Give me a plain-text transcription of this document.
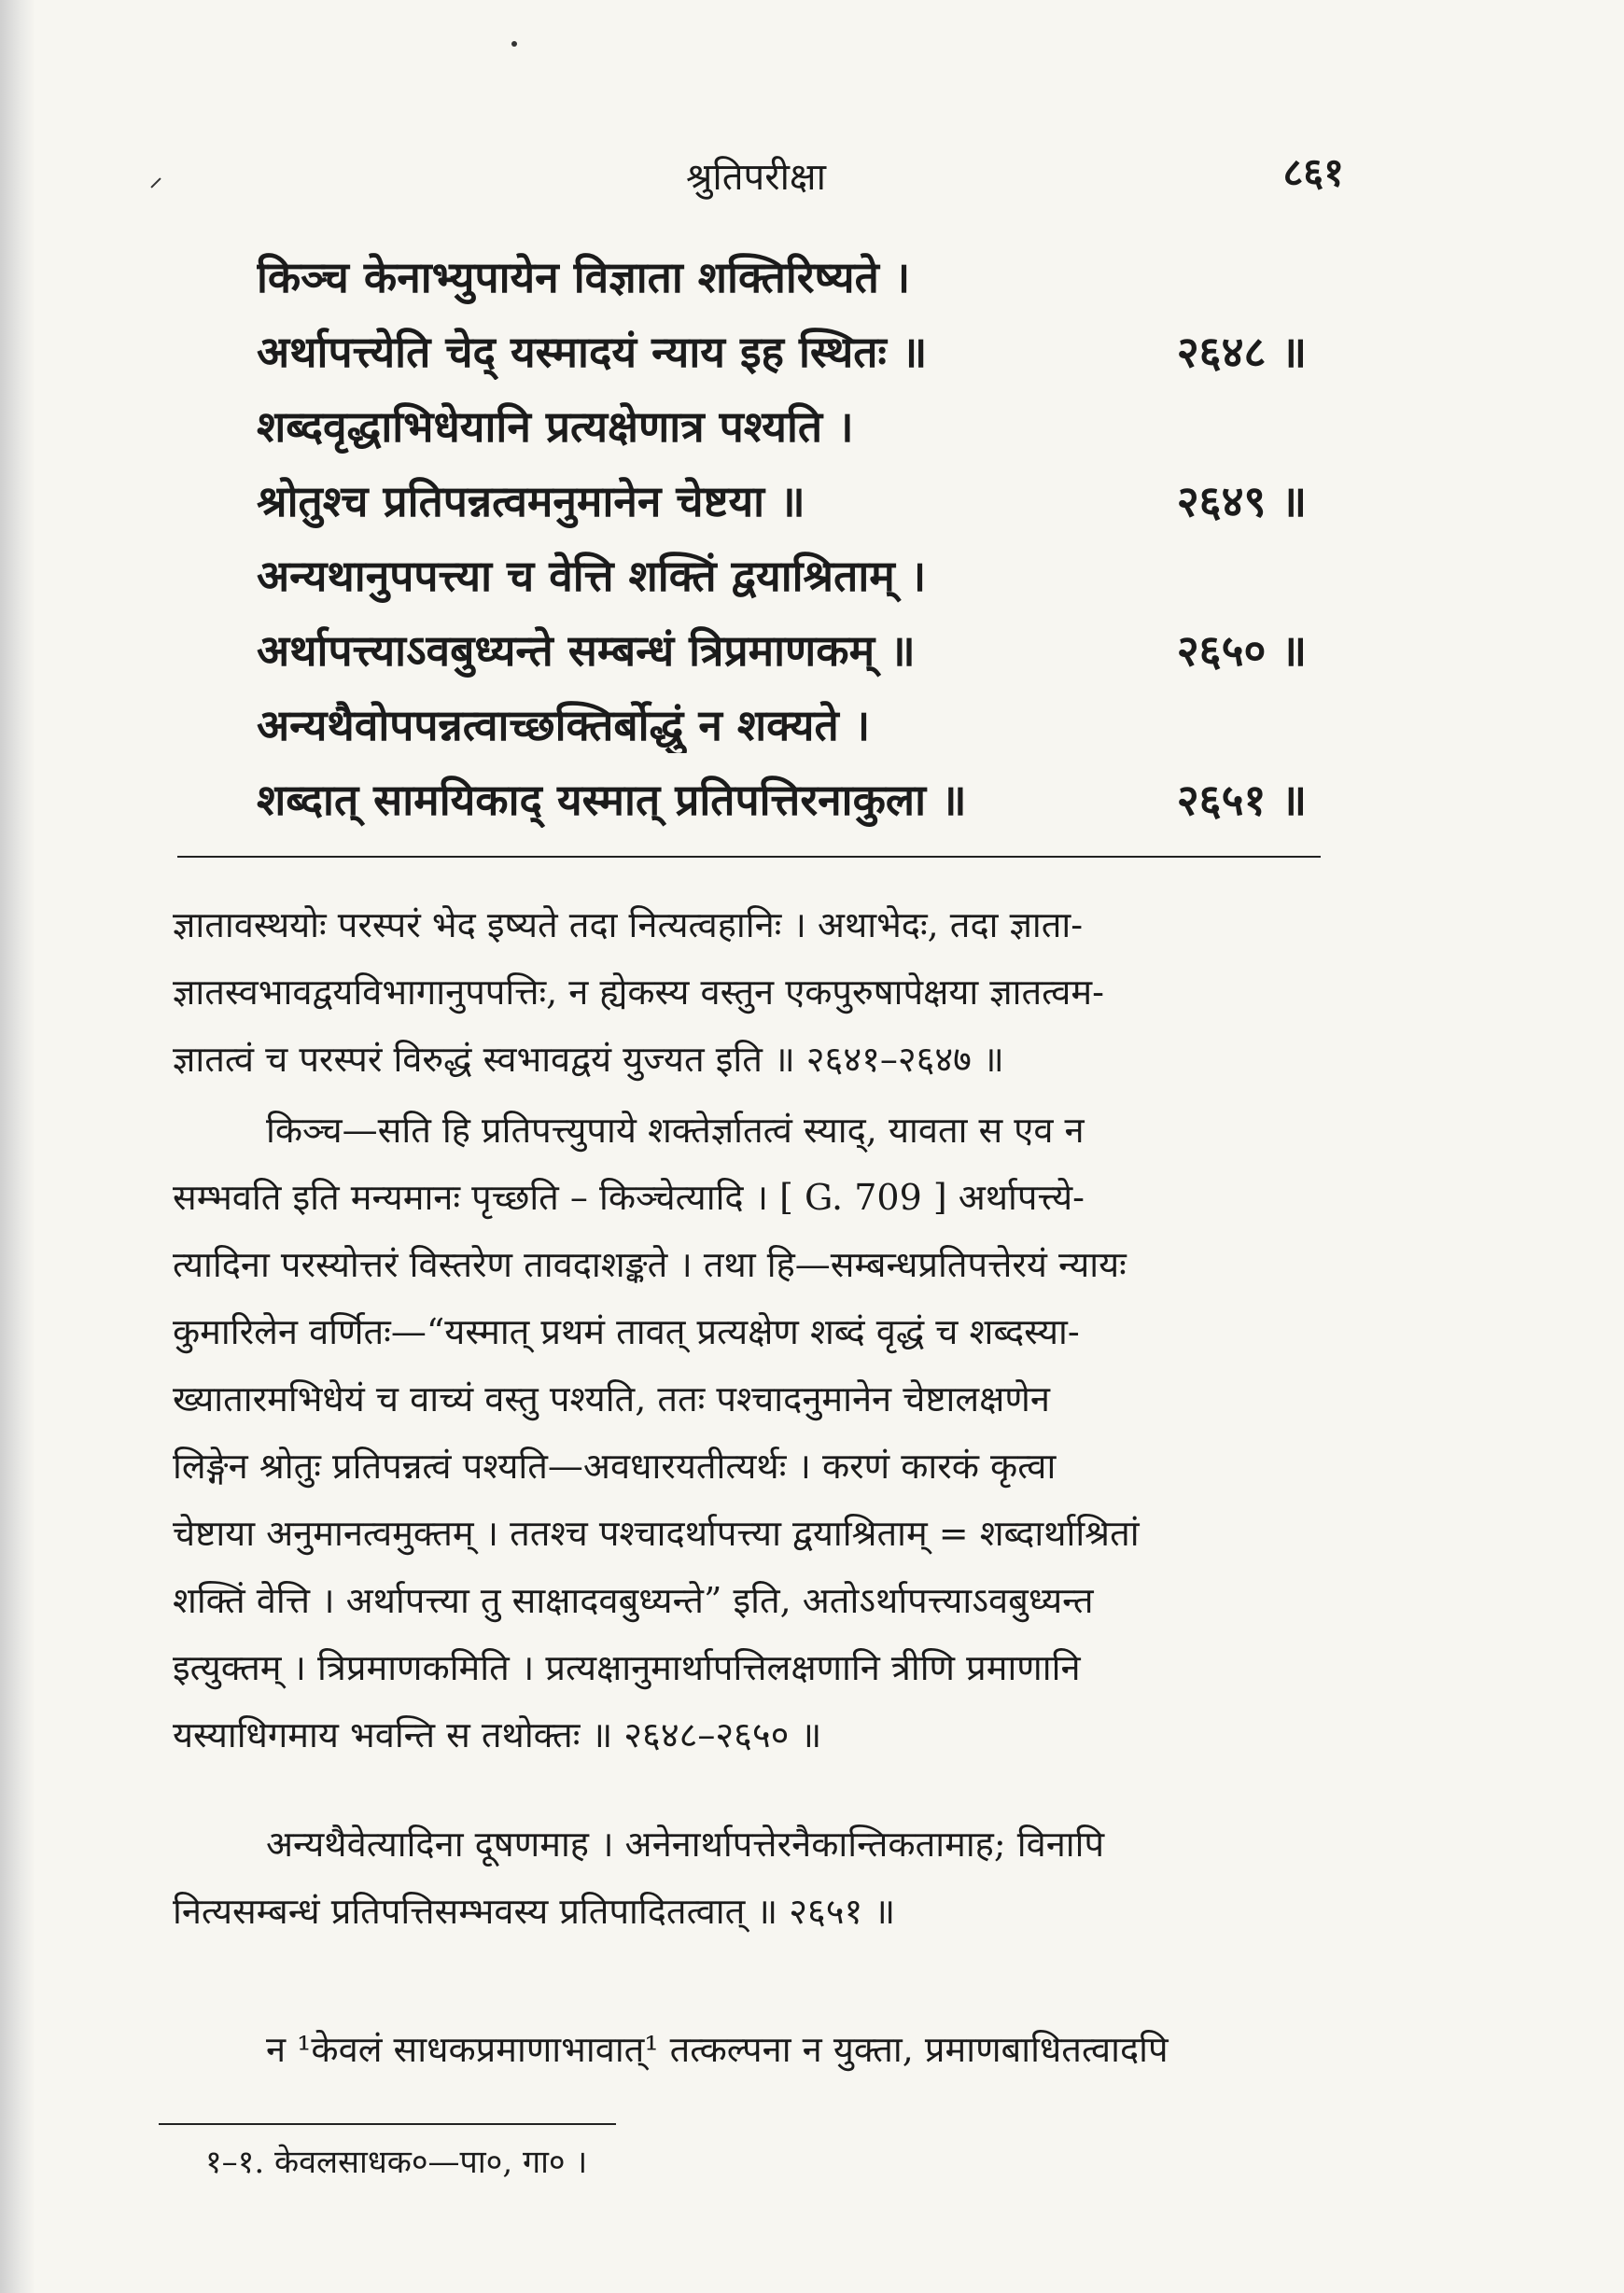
श्रुतिपरीक्षा	८६१
किञ्च केनाभ्युपायेन विज्ञाता शक्तिरिष्यते ।
अर्थापत्त्येति चेद् यस्मादयं न्याय इह स्थितः ॥	२६४८ ॥
शब्दवृद्धाभिधेयानि प्रत्यक्षेणात्र पश्यति ।
श्रोतुश्च प्रतिपन्नत्वमनुमानेन चेष्टया ॥	२६४९ ॥
अन्यथानुपपत्त्या च वेत्ति शक्तिं द्वयाश्रिताम् ।
अर्थापत्त्याऽवबुध्यन्ते सम्बन्धं त्रिप्रमाणकम् ॥	२६५० ॥
अन्यथैवोपपन्नत्वाच्छक्तिर्बोद्धुं न शक्यते ।
शब्दात् सामयिकाद् यस्मात् प्रतिपत्तिरनाकुला ॥	२६५१ ॥
ज्ञातावस्थयोः परस्परं भेद इष्यते तदा नित्यत्वहानिः । अथाभेदः, तदा ज्ञाता-
ज्ञातस्वभावद्वयविभागानुपपत्तिः, न ह्येकस्य वस्तुन एकपुरुषापेक्षया ज्ञातत्वम-
ज्ञातत्वं च परस्परं विरुद्धं स्वभावद्वयं युज्यत इति ॥ २६४१–२६४७ ॥
किञ्च—सति हि प्रतिपत्त्युपाये शक्तेर्ज्ञातत्वं स्याद्, यावता स एव न
सम्भवति इति मन्यमानः पृच्छति – किञ्चेत्यादि । [ G. 709 ] अर्थापत्त्ये-
त्यादिना परस्योत्तरं विस्तरेण तावदाशङ्कते । तथा हि—सम्बन्धप्रतिपत्तेरयं न्यायः
कुमारिलेन वर्णितः—“यस्मात् प्रथमं तावत् प्रत्यक्षेण शब्दं वृद्धं च शब्दस्या-
ख्यातारमभिधेयं च वाच्यं वस्तु पश्यति, ततः पश्चादनुमानेन चेष्टालक्षणेन
लिङ्गेन श्रोतुः प्रतिपन्नत्वं पश्यति—अवधारयतीत्यर्थः । करणं कारकं कृत्वा
चेष्टाया अनुमानत्वमुक्तम् । ततश्च पश्चादर्थापत्त्या द्वयाश्रिताम् = शब्दार्थाश्रितां
शक्तिं वेत्ति । अर्थापत्त्या तु साक्षादवबुध्यन्ते” इति, अतोऽर्थापत्त्याऽवबुध्यन्त
इत्युक्तम् । त्रिप्रमाणकमिति । प्रत्यक्षानुमार्थापत्तिलक्षणानि त्रीणि प्रमाणानि
यस्याधिगमाय भवन्ति स तथोक्तः ॥ २६४८–२६५० ॥
अन्यथैवेत्यादिना दूषणमाह । अनेनार्थापत्तेरनैकान्तिकतामाह; विनापि
नित्यसम्बन्धं प्रतिपत्तिसम्भवस्य प्रतिपादितत्वात् ॥ २६५१ ॥
न ¹केवलं साधकप्रमाणाभावात्¹ तत्कल्पना न युक्ता, प्रमाणबाधितत्वादपि
१–१. केवलसाधक०—पा०, गा० ।
